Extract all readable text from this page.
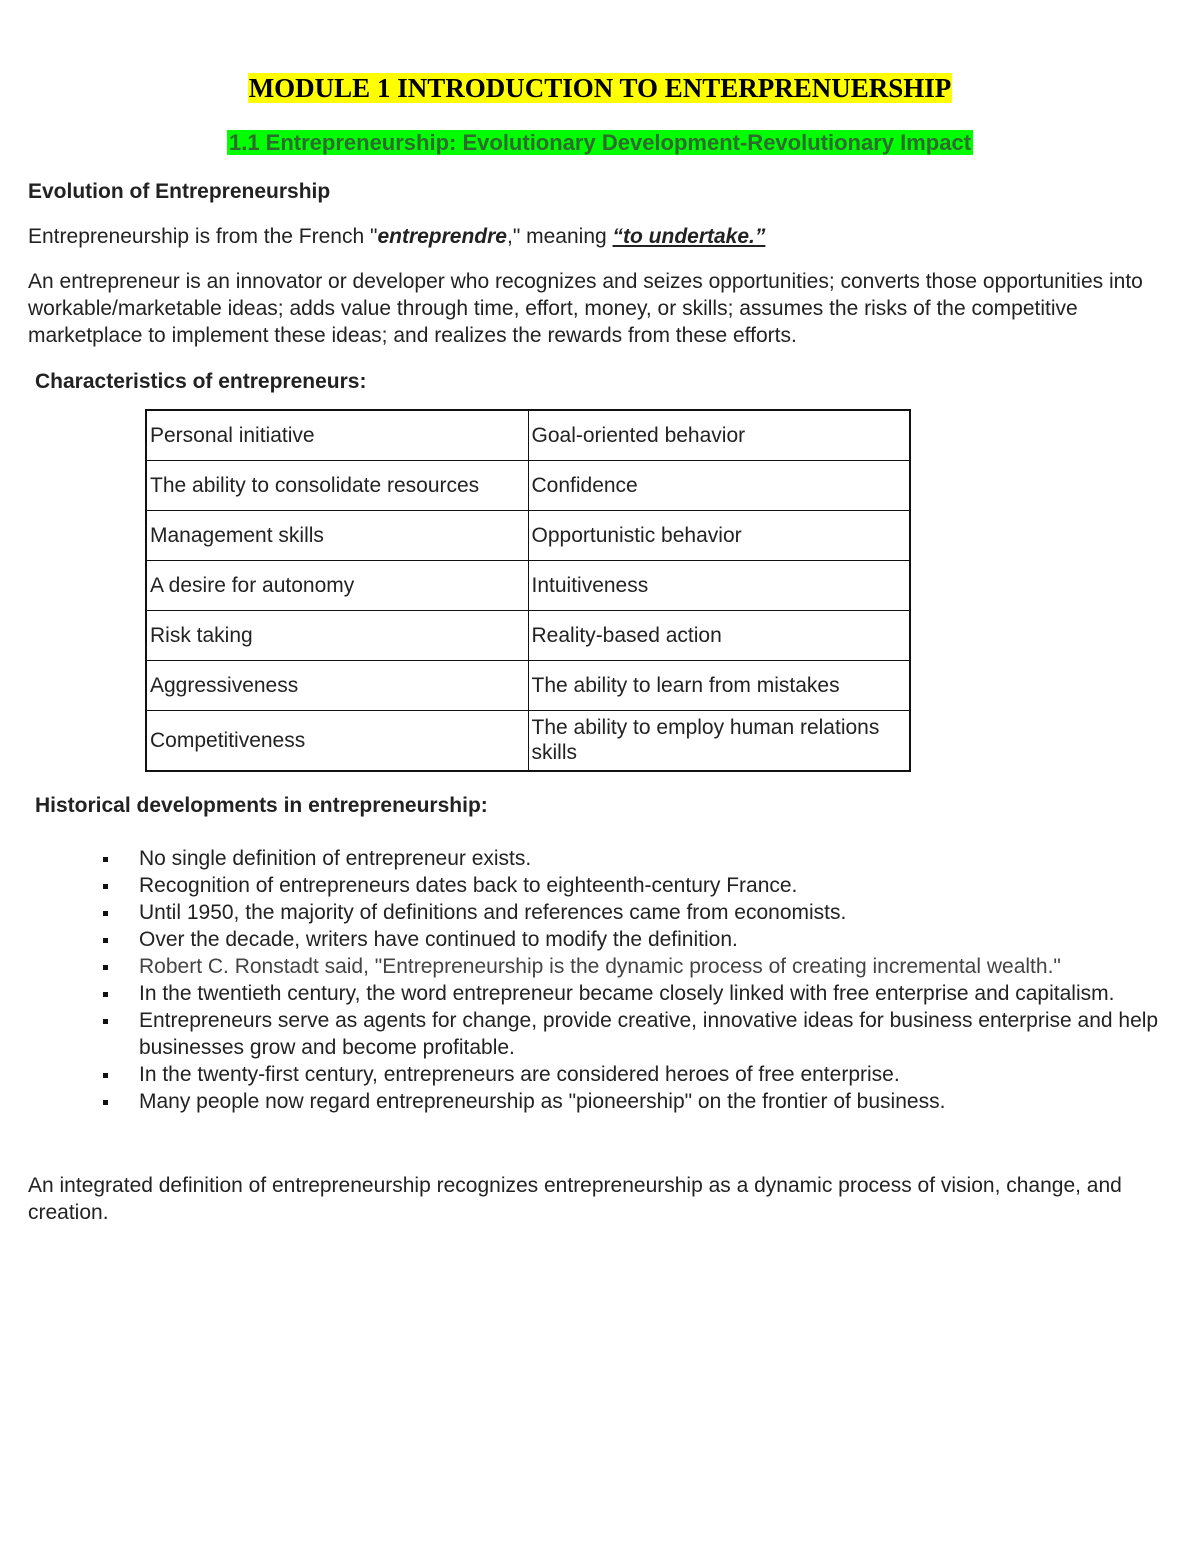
MODULE 1 INTRODUCTION TO ENTERPRENUERSHIP
1.1 Entrepreneurship: Evolutionary Development-Revolutionary Impact
Evolution of Entrepreneurship

Entrepreneurship is from the French "entreprendre," meaning “to undertake.”

An entrepreneur is an innovator or developer who recognizes and seizes opportunities; converts those opportunities into workable/marketable ideas; adds value through time, effort, money, or skills; assumes the risks of the competitive marketplace to implement these ideas; and realizes the rewards from these efforts.

Characteristics of entrepreneurs:
Personal initiative	Goal-oriented behavior
The ability to consolidate resources	Confidence
Management skills	Opportunistic behavior
A desire for autonomy	Intuitiveness
Risk taking	Reality-based action
Aggressiveness	The ability to learn from mistakes
Competitiveness	The ability to employ human relations skills
Historical developments in entrepreneurship:
No single definition of entrepreneur exists.
Recognition of entrepreneurs dates back to eighteenth-century France.
Until 1950, the majority of definitions and references came from economists.
Over the decade, writers have continued to modify the definition.
Robert C. Ronstadt said, "Entrepreneurship is the dynamic process of creating incremental wealth."
In the twentieth century, the word entrepreneur became closely linked with free enterprise and capitalism.
Entrepreneurs serve as agents for change, provide creative, innovative ideas for business enterprise and help businesses grow and become profitable.
In the twenty-first century, entrepreneurs are considered heroes of free enterprise.
Many people now regard entrepreneurship as "pioneership" on the frontier of business.

An integrated definition of entrepreneurship recognizes entrepreneurship as a dynamic process of vision, change, and creation.
